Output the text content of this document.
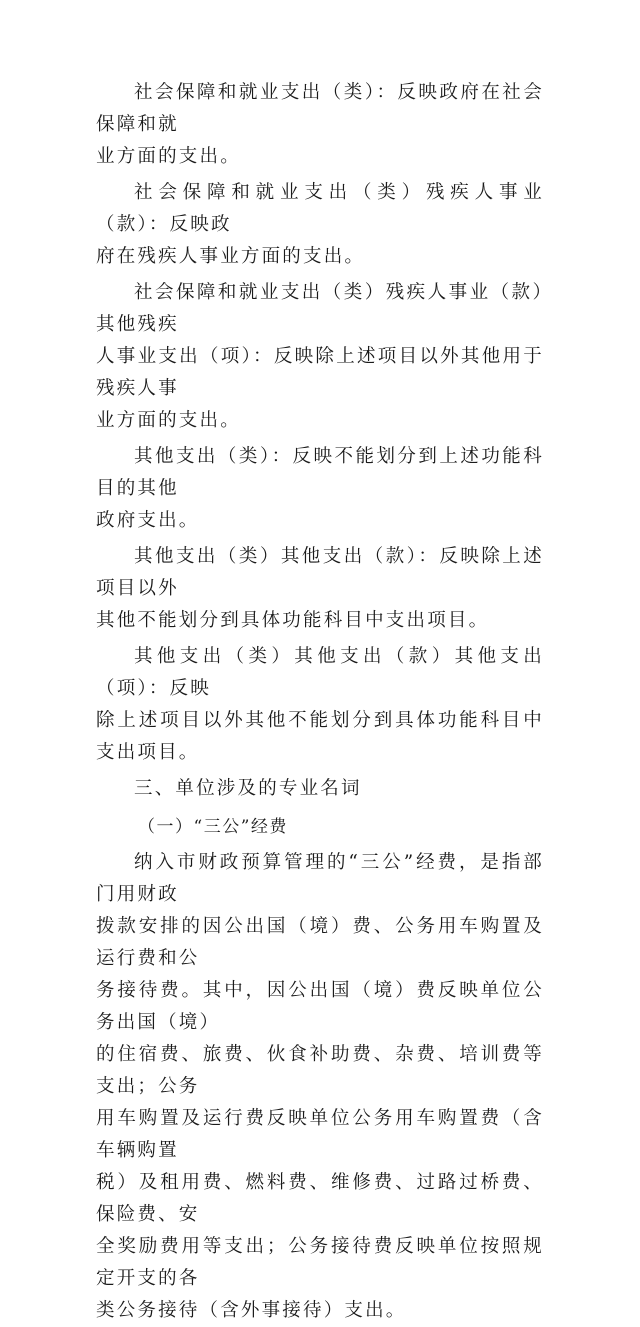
社会保障和就业支出（类）：反映政府在社会保障和就
业方面的支出。

社会保障和就业支出（类）残疾人事业（款）：反映政
府在残疾人事业方面的支出。

社会保障和就业支出（类）残疾人事业（款）其他残疾
人事业支出（项）：反映除上述项目以外其他用于残疾人事
业方面的支出。

其他支出（类）：反映不能划分到上述功能科目的其他
政府支出。

其他支出（类）其他支出（款）：反映除上述项目以外
其他不能划分到具体功能科目中支出项目。

其他支出（类）其他支出（款）其他支出（项）：反映
除上述项目以外其他不能划分到具体功能科目中支出项目。

三、单位涉及的专业名词
（一）“三公”经费

纳入市财政预算管理的“三公”经费，是指部门用财政
拨款安排的因公出国（境）费、公务用车购置及运行费和公
务接待费。其中，因公出国（境）费反映单位公务出国（境）
的住宿费、旅费、伙食补助费、杂费、培训费等支出；公务
用车购置及运行费反映单位公务用车购置费（含车辆购置
税）及租用费、燃料费、维修费、过路过桥费、保险费、安
全奖励费用等支出；公务接待费反映单位按照规定开支的各
类公务接待（含外事接待）支出。
